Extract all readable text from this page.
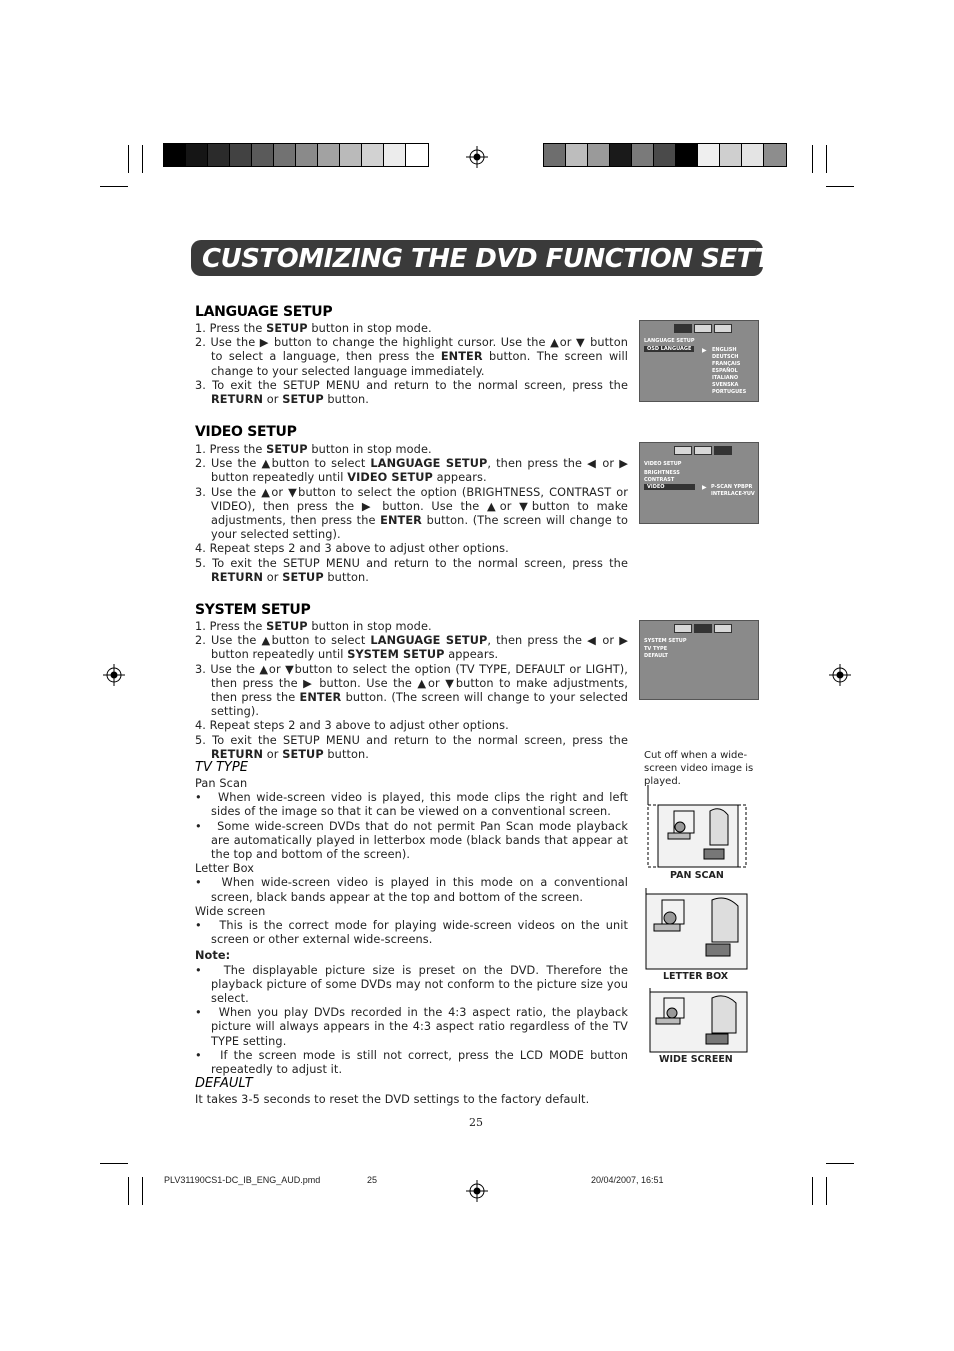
CUSTOMIZING THE DVD FUNCTION SETTINGS
LANGUAGE SETUP
1. Press the SETUP button in stop mode.
2. Use the ▶ button to change the highlight cursor. Use the ▲or ▼ button to select a language, then press the ENTER button. The screen will change to your selected language immediately.
3. To exit the SETUP MENU and return to the normal screen, press the RETURN or SETUP button.
LANGUAGE SETUP
OSD LANGUAGE	▶ ENGLISH
DEUTSCH
FRANÇAIS
ESPAÑOL
ITALIANO
SVENSKA
PORTUGUES
VIDEO SETUP
1. Press the SETUP button in stop mode.
2. Use the ▲button to select LANGUAGE SETUP, then press the ◀ or ▶ button repeatedly until VIDEO SETUP appears.
3. Use the ▲or ▼button to select the option (BRIGHTNESS, CONTRAST or VIDEO), then press the ▶ button. Use the ▲or ▼button to make adjustments, then press the ENTER button. (The screen will change to your selected setting).
4. Repeat steps 2 and 3 above to adjust other options.
5. To exit the SETUP MENU and return to the normal screen, press the RETURN or SETUP button.
VIDEO SETUP
BRIGHTNESS
CONTRAST
VIDEO	▶ P-SCAN YPBPR
INTERLACE-YUV
SYSTEM SETUP
1. Press the SETUP button in stop mode.
2. Use the ▲button to select LANGUAGE SETUP, then press the ◀ or ▶ button repeatedly until SYSTEM SETUP appears.
3. Use the ▲or ▼button to select the option (TV TYPE, DEFAULT or LIGHT), then press the ▶ button. Use the ▲or ▼button to make adjustments, then press the ENTER button. (The screen will change to your selected setting).
4. Repeat steps 2 and 3 above to adjust other options.
5. To exit the SETUP MENU and return to the normal screen, press the RETURN or SETUP button.
SYSTEM SETUP
TV TYPE
DEFAULT
TV TYPE

Pan Scan

•   When wide-screen video is played, this mode clips the right and left sides of the image so that it can be viewed on a conventional screen.
•   Some wide-screen DVDs that do not permit Pan Scan mode playback are automatically played in letterbox mode (black bands that appear at the top and bottom of the screen).

Letter Box

•   When wide-screen video is played in this mode on a conventional screen, black bands appear at the top and bottom of the screen.

Wide screen

•   This is the correct mode for playing wide-screen videos on the unit screen or other external wide-screens.

Note:

•   The displayable picture size is preset on the DVD. Therefore the playback picture of some DVDs may not conform to the picture size you select.
•   When you play DVDs recorded in the 4:3 aspect ratio, the playback picture will always appears in the 4:3 aspect ratio regardless of the TV TYPE setting.
•   If the screen mode is still not correct, press the LCD MODE button repeatedly to adjust it.
DEFAULT
It takes 3-5 seconds to reset the DVD settings to the factory default.
Cut off when a wide-screen video image is played.
PAN SCAN
LETTER BOX
WIDE SCREEN
25
PLV31190CS1-DC_IB_ENG_AUD.pmd	25	20/04/2007, 16:51
